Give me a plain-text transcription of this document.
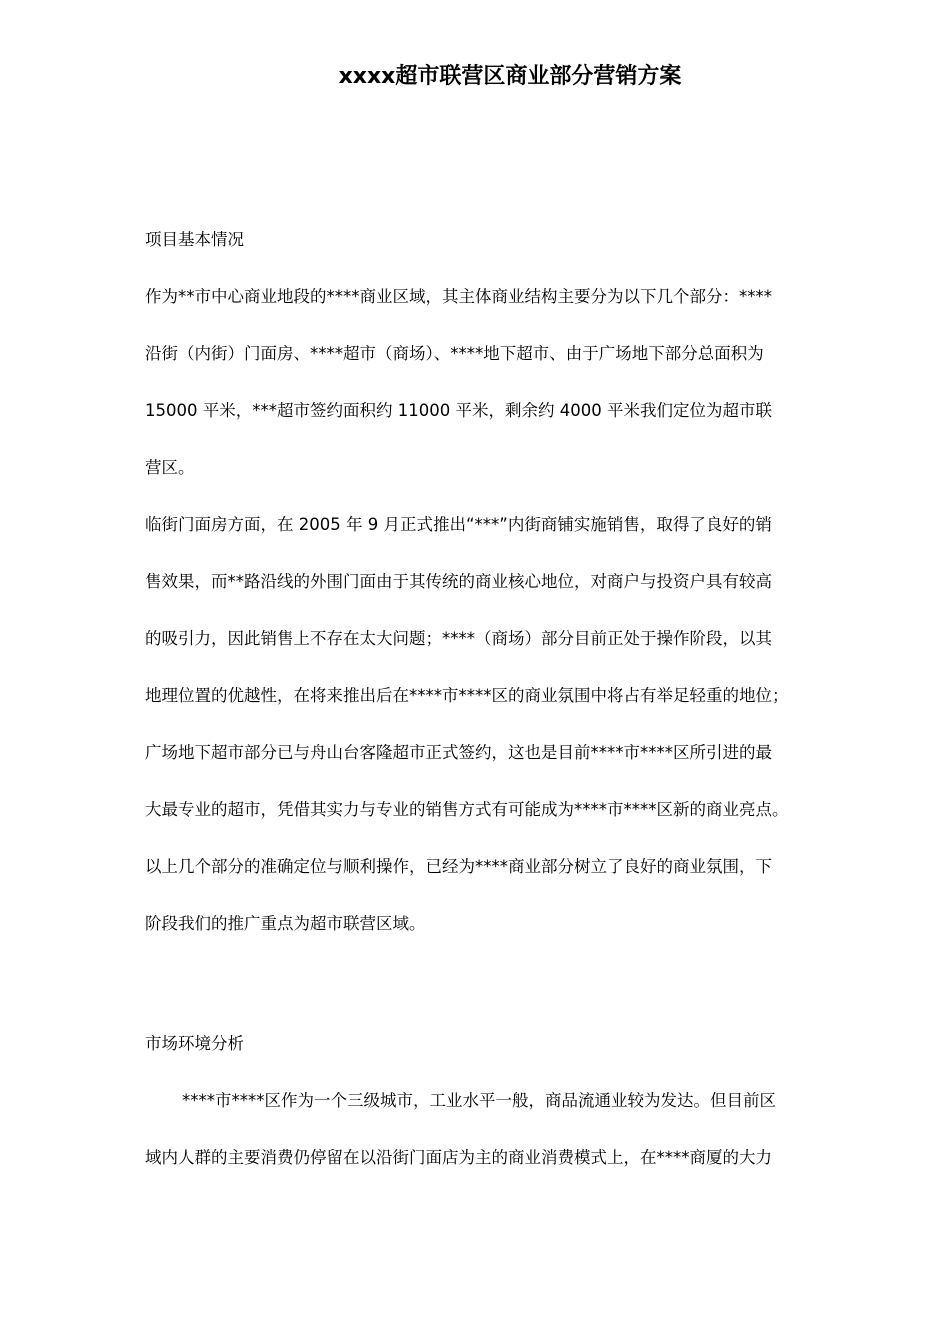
xxxx超市联营区商业部分营销方案
项目基本情况
作为**市中心商业地段的****商业区域，其主体商业结构主要分为以下几个部分：****
沿街（内街）门面房、****超市（商场）、****地下超市、由于广场地下部分总面积为
15000 平米，***超市签约面积约 11000 平米，剩余约 4000 平米我们定位为超市联
营区。
临街门面房方面，在 2005 年 9 月正式推出“***”内街商铺实施销售，取得了良好的销
售效果，而**路沿线的外围门面由于其传统的商业核心地位，对商户与投资户具有较高
的吸引力，因此销售上不存在太大问题；****（商场）部分目前正处于操作阶段，以其
地理位置的优越性，在将来推出后在****市****区的商业氛围中将占有举足轻重的地位；
广场地下超市部分已与舟山台客隆超市正式签约，这也是目前****市****区所引进的最
大最专业的超市，凭借其实力与专业的销售方式有可能成为****市****区新的商业亮点。
以上几个部分的准确定位与顺利操作，已经为****商业部分树立了良好的商业氛围，下
阶段我们的推广重点为超市联营区域。
市场环境分析
****市****区作为一个三级城市，工业水平一般，商品流通业较为发达。但目前区
域内人群的主要消费仍停留在以沿街门面店为主的商业消费模式上，在****商厦的大力
